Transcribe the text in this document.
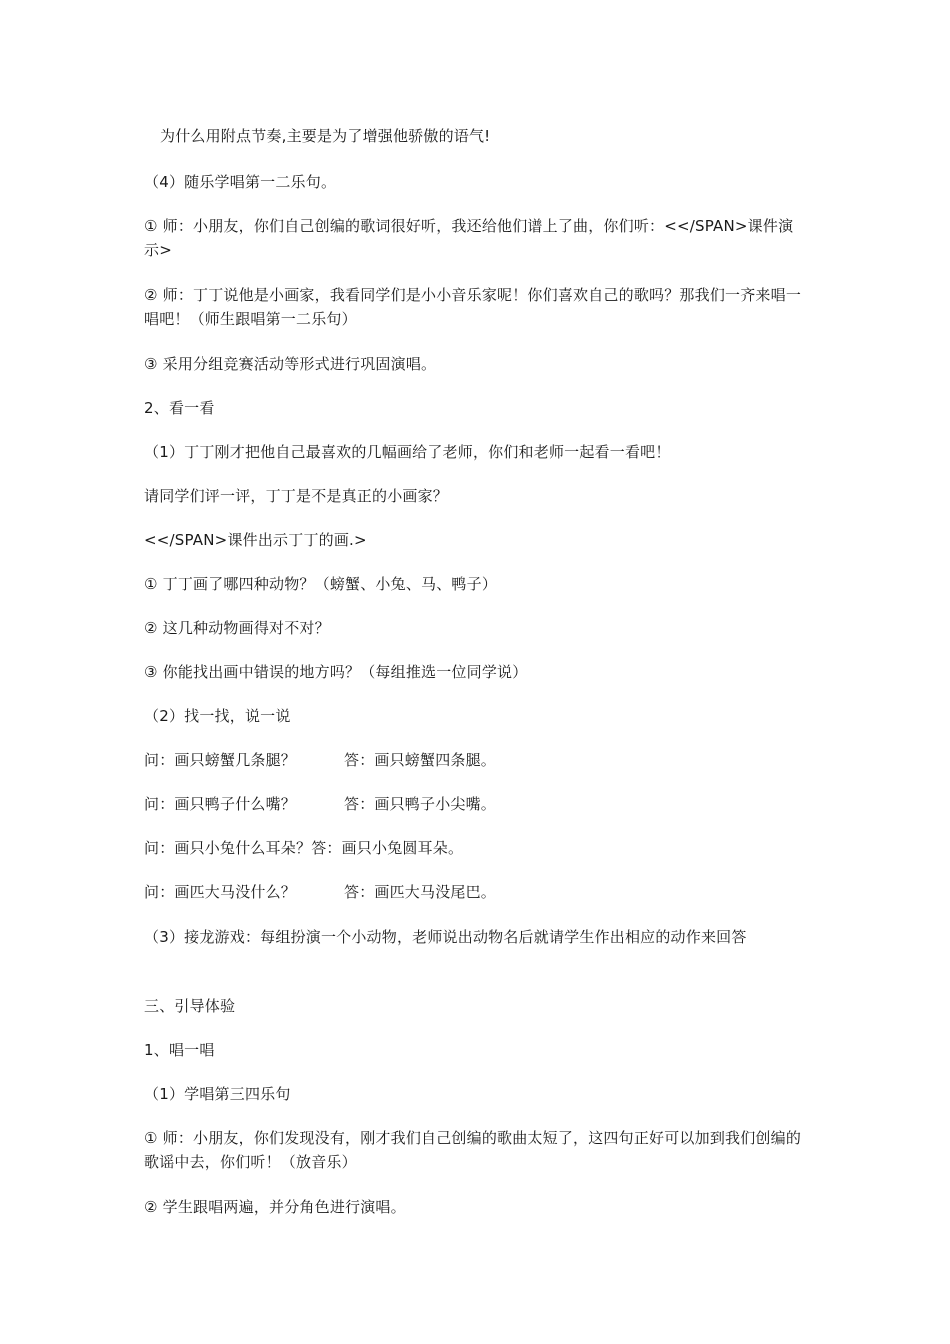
为什么用附点节奏,主要是为了增强他骄傲的语气!
（4）随乐学唱第一二乐句。
① 师：小朋友，你们自己创编的歌词很好听，我还给他们谱上了曲，你们听：<</SPAN>课件演示>
② 师：丁丁说他是小画家，我看同学们是小小音乐家呢！你们喜欢自己的歌吗？那我们一齐来唱一唱吧！（师生跟唱第一二乐句）
③ 采用分组竞赛活动等形式进行巩固演唱。
2、看一看
（1）丁丁刚才把他自己最喜欢的几幅画给了老师，你们和老师一起看一看吧！
请同学们评一评，丁丁是不是真正的小画家？
<</SPAN>课件出示丁丁的画.>
① 丁丁画了哪四种动物？（螃蟹、小兔、马、鸭子）
② 这几种动物画得对不对？
③ 你能找出画中错误的地方吗？（每组推选一位同学说）
（2）找一找，说一说
问：画只螃蟹几条腿？	答：画只螃蟹四条腿。
问：画只鸭子什么嘴？	答：画只鸭子小尖嘴。
问：画只小兔什么耳朵？答：画只小兔圆耳朵。
问：画匹大马没什么？	答：画匹大马没尾巴。
（3）接龙游戏：每组扮演一个小动物，老师说出动物名后就请学生作出相应的动作来回答
三、引导体验
1、唱一唱
（1）学唱第三四乐句
① 师：小朋友，你们发现没有，刚才我们自己创编的歌曲太短了，这四句正好可以加到我们创编的歌谣中去，你们听！（放音乐）
② 学生跟唱两遍，并分角色进行演唱。
